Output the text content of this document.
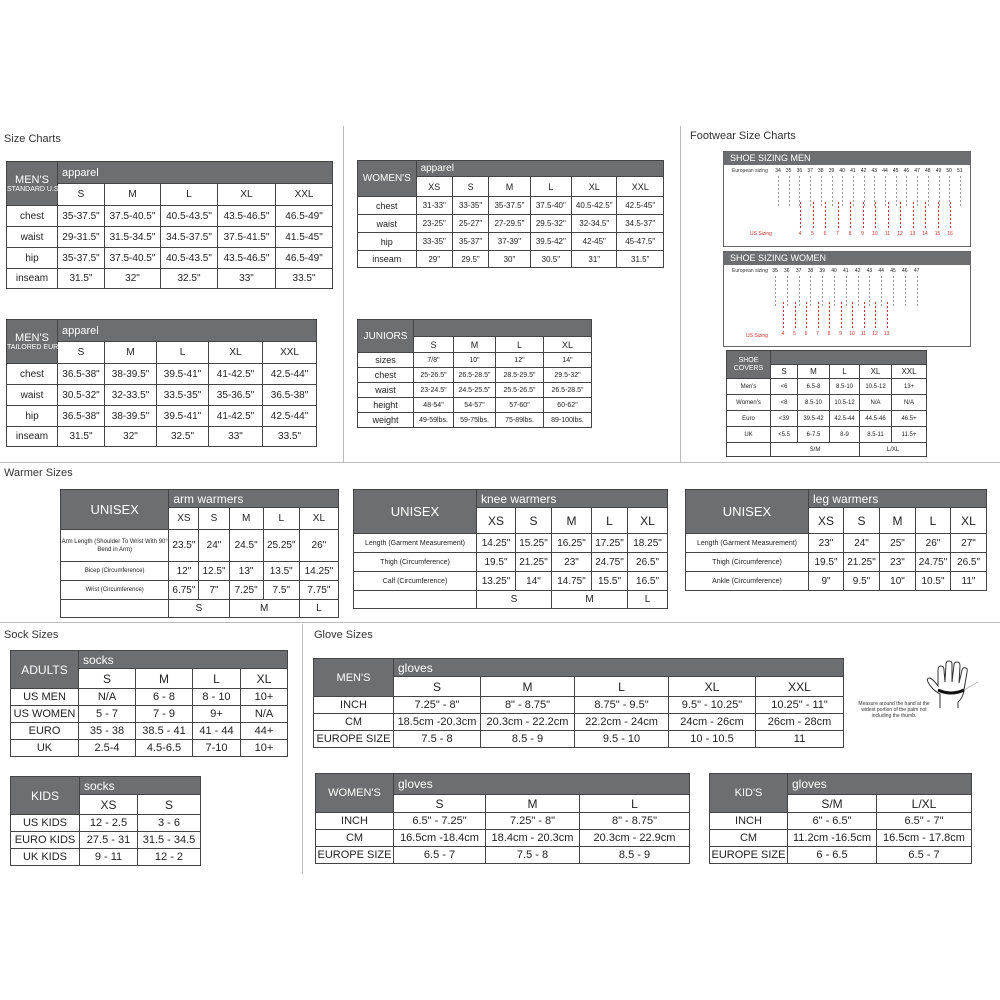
Size Charts	Footwear Size Charts
Warmer Sizes
Sock Sizes	Glove Sizes
MEN'S
STANDARD U.S.	apparel				
	S	M	L	XL	XXL
chest	35-37.5"	37.5-40.5"	40.5-43.5"	43.5-46.5"	46.5-49"
waist	29-31.5"	31.5-34.5"	34.5-37.5"	37.5-41.5"	41.5-45"
hip	35-37.5"	37.5-40.5"	40.5-43.5"	43.5-46.5"	46.5-49"
inseam	31.5"	32"	32.5"	33"	33.5"
MEN'S
TAILORED EUROPEAN	apparel				
	S	M	L	XL	XXL
chest	36.5-38"	38-39.5"	39.5-41"	41-42.5"	42.5-44"
waist	30.5-32"	32-33.5"	33.5-35"	35-36.5"	36.5-38"
hip	36.5-38"	38-39.5"	39.5-41"	41-42.5"	42.5-44"
inseam	31.5"	32"	32.5"	33"	33.5"
WOMEN'S	apparel					
	XS	S	M	L	XL	XXL
chest	31-33"	33-35"	35-37.5"	37.5-40"	40.5-42.5"	42.5-45"
waist	23-25"	25-27"	27-29.5"	29.5-32"	32-34.5"	34.5-37"
hip	33-35"	35-37"	37-39"	39.5-42"	42-45"	45-47.5"
inseam	29"	29.5"	30"	30.5"	31"	31.5"
JUNIORS				
	S	M	L	XL
sizes	7/8"	10"	12"	14"
chest	25-26.5"	26.5-28.5"	28.5-29.5"	29.5-32"
waist	23-24.5"	24.5-25.5"	25.5-26.5"	26.5-28.5"
height	48-54"	54-57"	57-60"	60-62"
weight	49-59lbs.	59-75lbs.	75-89lbs.	89-100lbs.
SHOE SIZING MEN
European sizing
US Sizing
34	35	36	37	38	39	40	41	42	43	44	45	46	47	48	49	50	51
4	5	6	7	8	9	10	11	12	13	14	15	16
SHOE SIZING WOMEN
European sizing
US Sizing
35	36	37	38	39	40	41	42	43	44	45	46	47
4	5	6	7	8	9	10	11	12	13
SHOE COVERS					
	S	M	L	XL	XXL
Men's	<6	6.5-8	8.5-10	10.5-12	13+
Women's	<8	8.5-10	10.5-12	N/A	N/A
Euro	<39	39.5-42	42.5-44	44.5-46	46.5+
UK	<5.5	6-7.5	8-9	8.5-11	11.5+
	S/M			L/XL	
UNISEX	arm warmers				
	XS	S	M	L	XL
Arm Length (Shoulder To Wrist With 90° Bend in Arm)	23.5"	24"	24.5"	25.25"	26"
Bicep (Circumference)	12"	12.5"	13"	13.5"	14.25"
Wrist (Circumference)	6.75"	7"	7.25"	7.5"	7.75"
	S		M		L
UNISEX	knee warmers				
	XS	S	M	L	XL
Length (Garment Measurement)	14.25"	15.25"	16.25"	17.25"	18.25"
Thigh (Circumference)	19.5"	21.25"	23"	24.75"	26.5"
Calf (Circumference)	13.25"	14"	14.75"	15.5"	16.5"
	S		M		L
UNISEX	leg warmers				
	XS	S	M	L	XL
Length (Garment Measurement)	23"	24"	25"	26"	27"
Thigh (Circumference)	19.5"	21.25"	23"	24.75"	26.5"
Ankle (Circumference)	9"	9.5"	10"	10.5"	11"
ADULTS	socks			
	S	M	L	XL
US MEN	N/A	6 - 8	8 - 10	10+
US WOMEN	5 - 7	7 - 9	9+	N/A
EURO	35 - 38	38.5 - 41	41 - 44	44+
UK	2.5-4	4.5-6.5	7-10	10+
KIDS	socks	
	XS	S
US KIDS	12 - 2.5	3 - 6
EURO KIDS	27.5 - 31	31.5 - 34.5
UK KIDS	9 - 11	12 - 2
MEN'S	gloves				
	S	M	L	XL	XXL
INCH	7.25" - 8"	8" - 8.75"	8.75" - 9.5"	9.5" - 10.25"	10.25" - 11"
CM	18.5cm -20.3cm	20.3cm - 22.2cm	22.2cm - 24cm	24cm - 26cm	26cm - 28cm
EUROPE SIZE	7.5 - 8	8.5 - 9	9.5 - 10	10 - 10.5	11
Measure around the hand at the widest portion of the palm not including the thumb.
WOMEN'S	gloves		
	S	M	L
INCH	6.5" - 7.25"	7.25" - 8"	8" - 8.75"
CM	16.5cm -18.4cm	18.4cm - 20.3cm	20.3cm - 22.9cm
EUROPE SIZE	6.5 - 7	7.5 - 8	8.5 - 9
KID'S	gloves	
	S/M	L/XL
INCH	6" - 6.5"	6.5" - 7"
CM	11.2cm -16.5cm	16.5cm - 17.8cm
EUROPE SIZE	6 - 6.5	6.5 - 7
